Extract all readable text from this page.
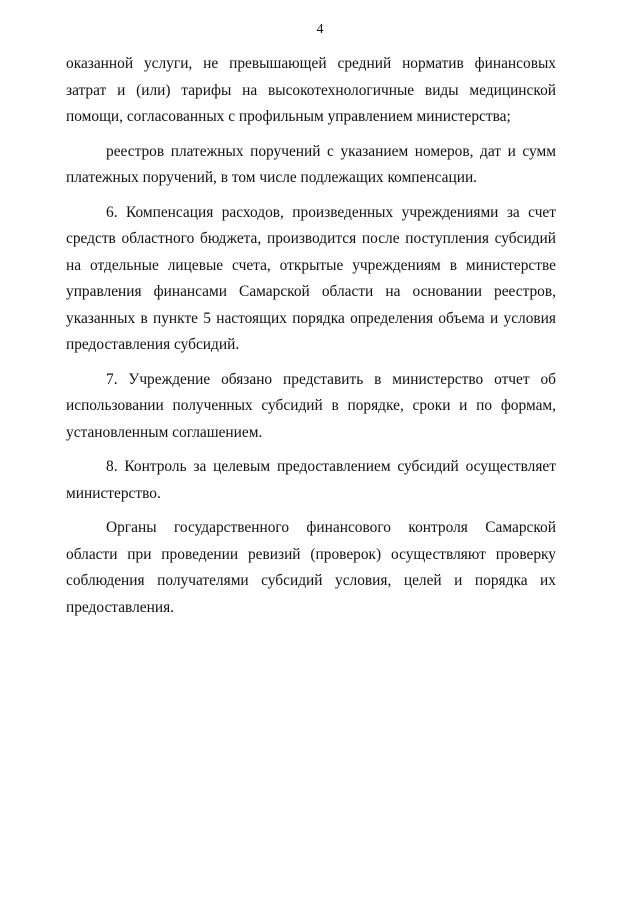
4

оказанной услуги, не превышающей средний норматив финансовых затрат и (или) тарифы на высокотехнологичные виды медицинской помощи, согласованных с профильным управлением министерства;

реестров платежных поручений с указанием номеров, дат и сумм платежных поручений, в том числе подлежащих компенсации.

6. Компенсация расходов, произведенных учреждениями за счет средств областного бюджета, производится после поступления субсидий на отдельные лицевые счета, открытые учреждениям в министерстве управления финансами Самарской области на основании реестров, указанных в пункте 5 настоящих порядка определения объема и условия предоставления субсидий.

7. Учреждение обязано представить в министерство отчет об использовании полученных субсидий в порядке, сроки и по формам, установленным соглашением.

8. Контроль за целевым предоставлением субсидий осуществляет министерство.

Органы государственного финансового контроля Самарской области при проведении ревизий (проверок) осуществляют проверку соблюдения получателями субсидий условия, целей и порядка их предоставления.
